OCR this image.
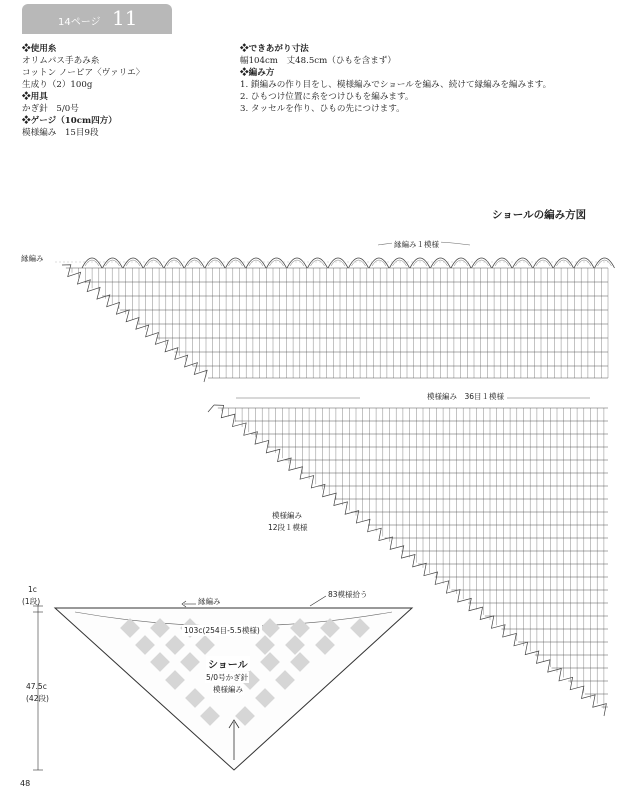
14ページ 11
❖使用糸
オリムパス手あみ糸
コットン ノーピア〈ヴァリエ〉
生成り（2）100g
❖用具
かぎ針　5/0号
❖ゲージ（10cm四方）
模様編み　15目9段
❖できあがり寸法
幅104cm　丈48.5cm（ひもを含まず）
❖編み方
1. 鎖編みの作り目をし、模様編みでショールを編み、続けて縁編みを編みます。
2. ひもつけ位置に糸をつけひもを編みます。
3. タッセルを作り、ひもの先につけます。
ショールの編み方図
縁編み
縁編み１模様
模様編み　36目１模様
模様編み
12段１模様
1c
(1段)
47.5c
(42段)
縁編み
83模様拾う
103c(254目-5.5模様)
ショール
5/0号かぎ針
模様編み
48
